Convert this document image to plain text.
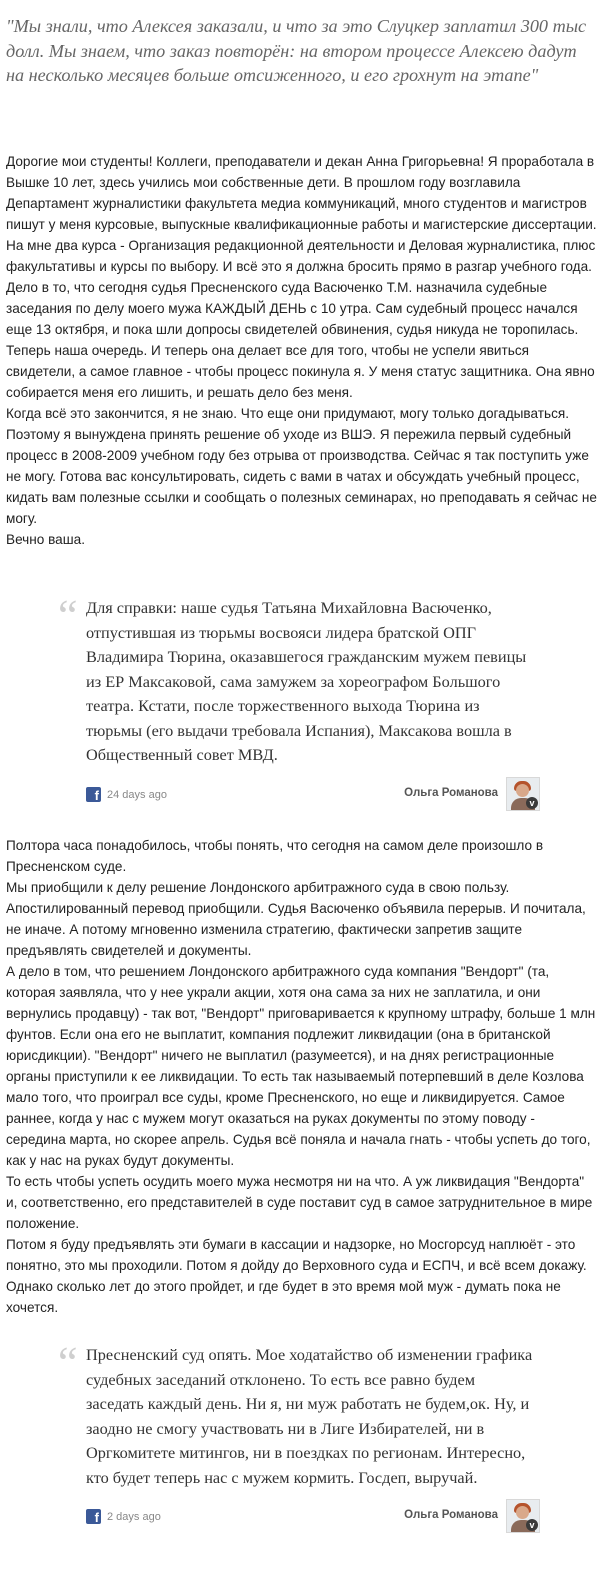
"Мы знали, что Алексея заказали, и что за это Слуцкер заплатил 300 тыс долл. Мы знаем, что заказ повторён: на втором процессе Алексею дадут на несколько месяцев больше отсиженного, и его грохнут на этапе"

Дорогие мои студенты! Коллеги, преподаватели и декан Анна Григорьевна! Я проработала в Вышке 10 лет, здесь учились мои собственные дети. В прошлом году возглавила Департамент журналистики факультета медиа коммуникаций, много студентов и магистров пишут у меня курсовые, выпускные квалификационные работы и магистерские диссертации. На мне два курса - Организация редакционной деятельности и Деловая журналистика, плюс факультативы и курсы по выбору. И всё это я должна бросить прямо в разгар учебного года.

Дело в то, что сегодня судья Пресненского суда Васюченко Т.М. назначила судебные заседания по делу моего мужа КАЖДЫЙ ДЕНЬ с 10 утра. Сам судебный процесс начался еще 13 октября, и пока шли допросы свидетелей обвинения, судья никуда не торопилась. Теперь наша очередь. И теперь она делает все для того, чтобы не успели явиться свидетели, а самое главное - чтобы процесс покинула я. У меня статус защитника. Она явно собирается меня его лишить, и решать дело без меня.

Когда всё это закончится, я не знаю. Что еще они придумают, могу только догадываться. Поэтому я вынуждена принять решение об уходе из ВШЭ. Я пережила первый судебный процесс в 2008-2009 учебном году без отрыва от производства. Сейчас я так поступить уже не могу. Готова вас консультировать, сидеть с вами в чатах и обсуждать учебный процесс, кидать вам полезные ссылки и сообщать о полезных семинарах, но преподавать я сейчас не могу.

Вечно ваша.

“ Для справки: наше судья Татьяна Михайловна Васюченко, отпустившая из тюрьмы восвояси лидера братской ОПГ Владимира Тюрина, оказавшегося гражданским мужем певицы из ЕР Максаковой, сама замужем за хореографом Большого театра. Кстати, после торжественного выхода Тюрина из тюрьмы (его выдачи требовала Испания), Максакова вошла в Общественный совет МВД.
f 24 days ago	Ольга Романова
v

Полтора часа понадобилось, чтобы понять, что сегодня на самом деле произошло в Пресненском суде.

Мы приобщили к делу решение Лондонского арбитражного суда в свою пользу. Апостилированный перевод приобщили. Судья Васюченко объявила перерыв. И почитала, не иначе. А потому мгновенно изменила стратегию, фактически запретив защите предъявлять свидетелей и документы.

А дело в том, что решением Лондонского арбитражного суда компания "Вендорт" (та, которая заявляла, что у нее украли акции, хотя она сама за них не заплатила, и они вернулись продавцу) - так вот, "Вендорт" приговаривается к крупному штрафу, больше 1 млн фунтов. Если она его не выплатит, компания подлежит ликвидации (она в британской юрисдикции). "Вендорт" ничего не выплатил (разумеется), и на днях регистрационные органы приступили к ее ликвидации. То есть так называемый потерпевший в деле Козлова мало того, что проиграл все суды, кроме Пресненского, но еще и ликвидируется. Самое раннее, когда у нас с мужем могут оказаться на руках документы по этому поводу - середина марта, но скорее апрель. Судья всё поняла и начала гнать - чтобы успеть до того, как у нас на руках будут документы.

То есть чтобы успеть осудить моего мужа несмотря ни на что. А уж ликвидация "Вендорта" и, соответственно, его представителей в суде поставит суд в самое затруднительное в мире положение.

Потом я буду предъявлять эти бумаги в кассации и надзорке, но Мосгорсуд наплюёт - это понятно, это мы проходили. Потом я дойду до Верховного суда и ЕСПЧ, и всё всем докажу. Однако сколько лет до этого пройдет, и где будет в это время мой муж - думать пока не хочется.

“ Пресненский суд опять. Мое ходатайство об изменении графика судебных заседаний отклонено. То есть все равно будем заседать каждый день. Ни я, ни муж работать не будем,ок. Ну, и заодно не смогу участвовать ни в Лиге Избирателей, ни в Оргкомитете митингов, ни в поездках по регионам. Интересно, кто будет теперь нас с мужем кормить. Госдеп, выручай.
f 2 days ago	Ольга Романова
v
